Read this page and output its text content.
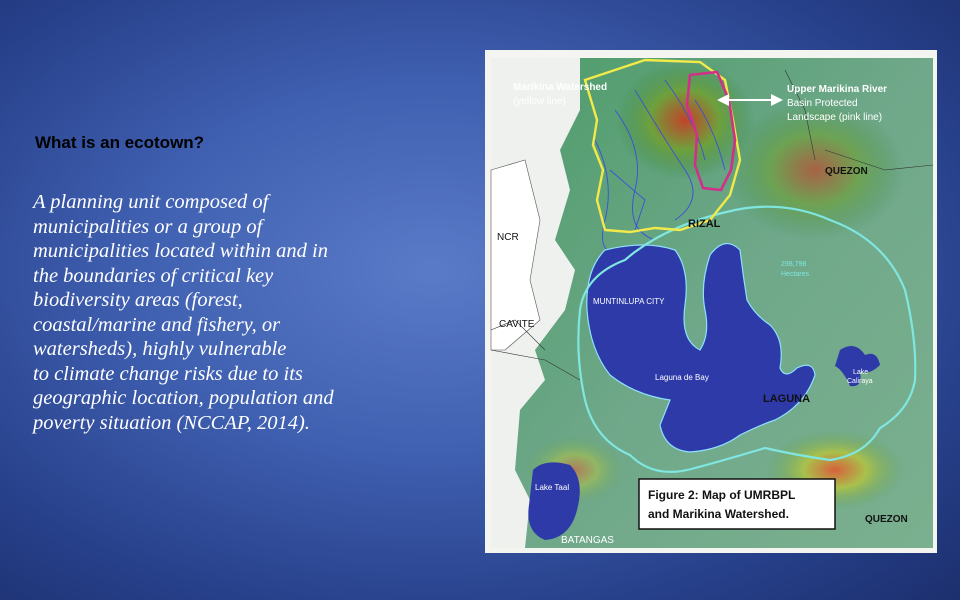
What is an ecotown?

A planning unit composed of
municipalities or a group of
municipalities located within and in
the boundaries of critical key
biodiversity areas (forest,
coastal/marine and fishery, or
watersheds), highly vulnerable
to climate change risks due to its
geographic location, population and
poverty situation (NCCAP, 2014).

Marikina Watershed
(yellow line)
Upper Marikina River
Basin Protected
Landscape (pink line)
QUEZON
RIZAL
NCR
MUNTINLUPA CITY
CAVITE
298,798
Hectares
Laguna de Bay
LAGUNA
Lake
Caliraya
Lake Taal
BATANGAS
QUEZON
Figure 2: Map of UMRBPL
and Marikina Watershed.
